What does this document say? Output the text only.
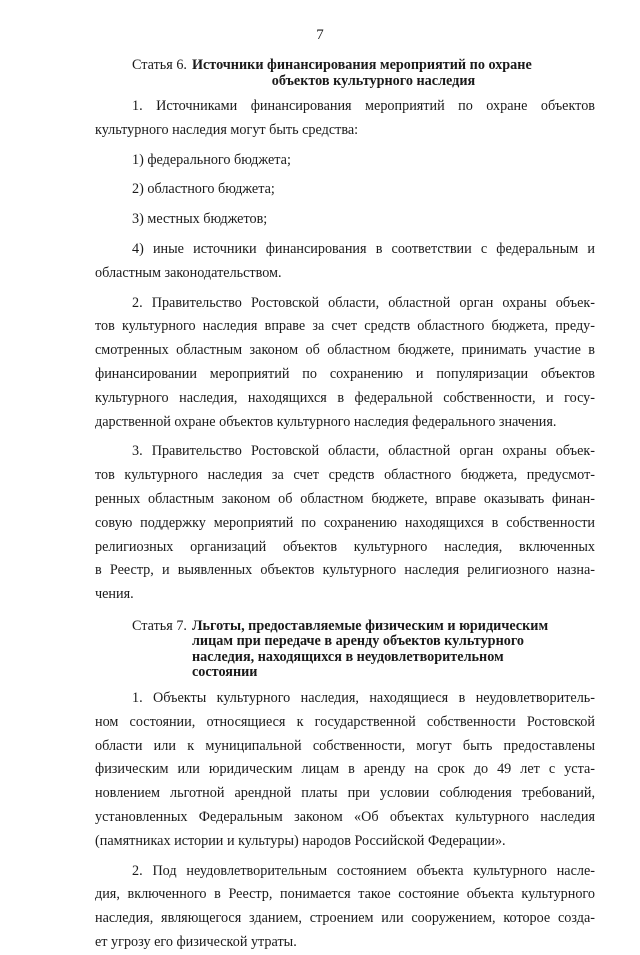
7
Статья 6. Источники финансирования мероприятий по охране
объектов культурного наследия
1. Источниками финансирования мероприятий по охране объектов
культурного наследия могут быть средства:
1) федерального бюджета;
2) областного бюджета;
3) местных бюджетов;
4) иные источники финансирования в соответствии с федеральным и
областным законодательством.
2. Правительство Ростовской области, областной орган охраны объек-
тов культурного наследия вправе за счет средств областного бюджета, преду-
смотренных областным законом об областном бюджете, принимать участие в
финансировании мероприятий по сохранению и популяризации объектов
культурного наследия, находящихся в федеральной собственности, и госу-
дарственной охране объектов культурного наследия федерального значения.
3. Правительство Ростовской области, областной орган охраны объек-
тов культурного наследия за счет средств областного бюджета, предусмот-
ренных областным законом об областном бюджете, вправе оказывать финан-
совую поддержку мероприятий по сохранению находящихся в собственности
религиозных организаций объектов культурного наследия, включенных
в Реестр, и выявленных объектов культурного наследия религиозного назна-
чения.
Статья 7. Льготы, предоставляемые физическим и юридическим
лицам при передаче в аренду объектов культурного
наследия, находящихся в неудовлетворительном
состоянии
1. Объекты культурного наследия, находящиеся в неудовлетворитель-
ном состоянии, относящиеся к государственной собственности Ростовской
области или к муниципальной собственности, могут быть предоставлены
физическим или юридическим лицам в аренду на срок до 49 лет с уста-
новлением льготной арендной платы при условии соблюдения требований,
установленных Федеральным законом «Об объектах культурного наследия
(памятниках истории и культуры) народов Российской Федерации».
2. Под неудовлетворительным состоянием объекта культурного насле-
дия, включенного в Реестр, понимается такое состояние объекта культурного
наследия, являющегося зданием, строением или сооружением, которое созда-
ет угрозу его физической утраты.
